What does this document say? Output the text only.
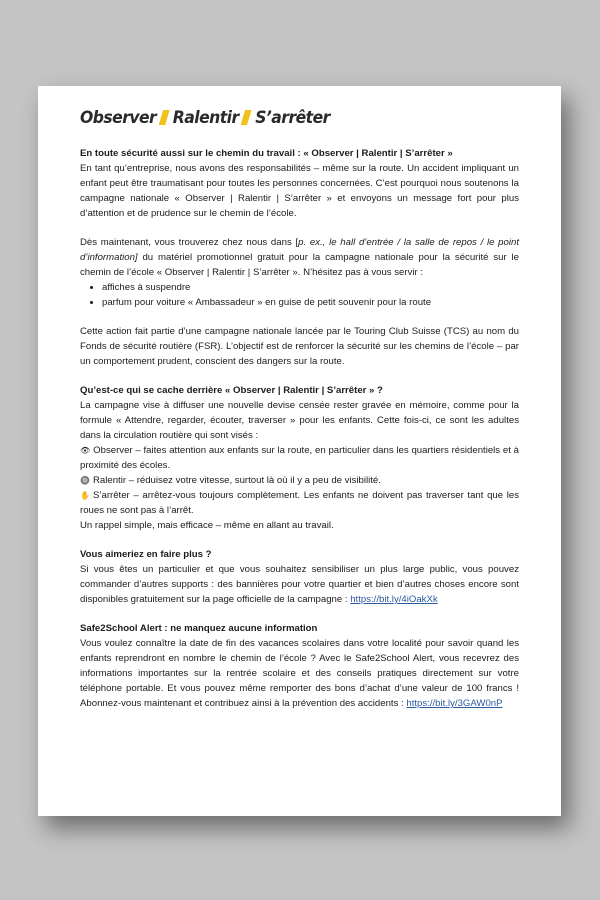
Observer Ralentir S’arrêter

En toute sécurité aussi sur le chemin du travail : « Observer | Ralentir | S’arrêter »

En tant qu’entreprise, nous avons des responsabilités – même sur la route. Un accident impliquant un enfant peut être traumatisant pour toutes les personnes concernées. C’est pourquoi nous soutenons la campagne nationale « Observer | Ralentir | S’arrêter » et envoyons un message fort pour plus d’attention et de prudence sur le chemin de l’école.

Dès maintenant, vous trouverez chez nous dans [p. ex., le hall d’entrée / la salle de repos / le point d’information] du matériel promotionnel gratuit pour la campagne nationale pour la sécurité sur le chemin de l’école « Observer | Ralentir | S’arrêter ». N’hésitez pas à vous servir :

• affiches à suspendre
• parfum pour voiture « Ambassadeur » en guise de petit souvenir pour la route

Cette action fait partie d’une campagne nationale lancée par le Touring Club Suisse (TCS) au nom du Fonds de sécurité routière (FSR). L’objectif est de renforcer la sécurité sur les chemins de l’école – par un comportement prudent, conscient des dangers sur la route.

Qu’est-ce qui se cache derrière « Observer | Ralentir | S’arrêter » ?

La campagne vise à diffuser une nouvelle devise censée rester gravée en mémoire, comme pour la formule « Attendre, regarder, écouter, traverser » pour les enfants. Cette fois-ci, ce sont les adultes dans la circulation routière qui sont visés :

👁 Observer – faites attention aux enfants sur la route, en particulier dans les quartiers résidentiels et à proximité des écoles.

🔘 Ralentir – réduisez votre vitesse, surtout là où il y a peu de visibilité.

✋ S’arrêter – arrêtez-vous toujours complètement. Les enfants ne doivent pas traverser tant que les roues ne sont pas à l’arrêt.

Un rappel simple, mais efficace – même en allant au travail.

Vous aimeriez en faire plus ?

Si vous êtes un particulier et que vous souhaitez sensibiliser un plus large public, vous pouvez commander d’autres supports : des bannières pour votre quartier et bien d’autres choses encore sont disponibles gratuitement sur la page officielle de la campagne : https://bit.ly/4iOakXk

Safe2School Alert : ne manquez aucune information

Vous voulez connaître la date de fin des vacances scolaires dans votre localité pour savoir quand les enfants reprendront en nombre le chemin de l’école ? Avec le Safe2School Alert, vous recevrez des informations importantes sur la rentrée scolaire et des conseils pratiques directement sur votre téléphone portable. Et vous pouvez même remporter des bons d’achat d’une valeur de 100 francs ! Abonnez-vous maintenant et contribuez ainsi à la prévention des accidents : https://bit.ly/3GAW0nP
